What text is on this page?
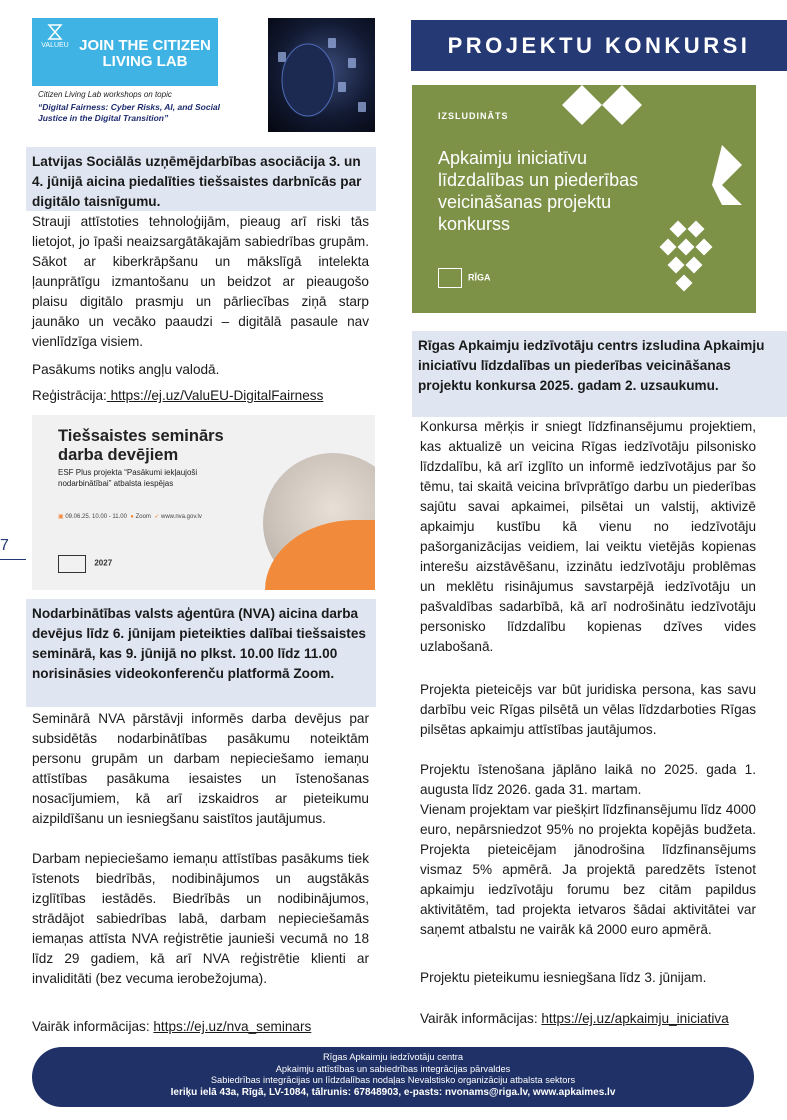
VALUEU JOIN THE CITIZEN LIVING LAB
Citizen Living Lab workshops on topic
“Digital Fairness: Cyber Risks, AI, and Social Justice in the Digital Transition”
Latvijas Sociālās uzņēmējdarbības asociācija 3. un 4. jūnijā aicina piedalīties tiešsaistes darbnīcās par digitālo taisnīgumu.

Strauji attīstoties tehnoloģijām, pieaug arī riski tās lietojot, jo īpaši neaizsargātākajām sabiedrības grupām. Sākot ar kiberkrāpšanu un mākslīgā intelekta ļaunprātīgu izmantošanu un beidzot ar pieaugošo plaisu digitālo prasmju un pārliecības ziņā starp jaunāko un vecāko paaudzi – digitālā pasaule nav vienlīdzīga visiem.

Pasākums notiks angļu valodā.

Reģistrācija: https://ej.uz/ValuEU-DigitalFairness

Tiešsaistes seminārs darba devējiem
ESF Plus projekta “Pasākumi iekļaujoši nodarbinātībai” atbalsta iespējas
▣ 09.06.25. 10.00 - 11.00 ● Zoom ➶ www.nva.gov.lv
2027
7
Nodarbinātības valsts aģentūra (NVA) aicina darba devējus līdz 6. jūnijam pieteikties dalībai tiešsaistes seminārā, kas 9. jūnijā no plkst. 10.00 līdz 11.00 norisināsies videokonferenču platformā Zoom.

Seminārā NVA pārstāvji informēs darba devējus par subsidētās nodarbinātības pasākumu noteiktām personu grupām un darbam nepieciešamo iemaņu attīstības pasākuma iesaistes un īstenošanas nosacījumiem, kā arī izskaidros ar pieteikumu aizpildīšanu un iesniegšanu saistītos jautājumus.

Darbam nepieciešamo iemaņu attīstības pasākums tiek īstenots biedrībās, nodibinājumos un augstākās izglītības iestādēs. Biedrībās un nodibinājumos, strādājot sabiedrības labā, darbam nepieciešamās iemaņas attīsta NVA reģistrētie jaunieši vecumā no 18 līdz 29 gadiem, kā arī NVA reģistrētie klienti ar invaliditāti (bez vecuma ierobežojuma).

Vairāk informācijas: https://ej.uz/nva_seminars

PROJEKTU KONKURSI
IZSLUDINĀTS
Apkaimju iniciatīvu līdzdalības un piederības veicināšanas projektu konkurss
RĪGA
Rīgas Apkaimju iedzīvotāju centrs izsludina Apkaimju iniciatīvu līdzdalības un piederības veicināšanas projektu konkursa 2025. gadam 2. uzsaukumu.

Konkursa mērķis ir sniegt līdzfinansējumu projektiem, kas aktualizē un veicina Rīgas iedzīvotāju pilsonisko līdzdalību, kā arī izglīto un informē iedzīvotājus par šo tēmu, tai skaitā veicina brīvprātīgo darbu un piederības sajūtu savai apkaimei, pilsētai un valstij, aktivizē apkaimju kustību kā vienu no iedzīvotāju pašorganizācijas veidiem, lai veiktu vietējās kopienas interešu aizstāvēšanu, izzinātu iedzīvotāju problēmas un meklētu risinājumus savstarpējā iedzīvotāju un pašvaldības sadarbībā, kā arī nodrošinātu iedzīvotāju personisko līdzdalību kopienas dzīves vides uzlabošanā.

Projekta pieteicējs var būt juridiska persona, kas savu darbību veic Rīgas pilsētā un vēlas līdzdarboties Rīgas pilsētas apkaimju attīstības jautājumos.

Projektu īstenošana jāplāno laikā no 2025. gada 1. augusta līdz 2026. gada 31. martam.

Vienam projektam var piešķirt līdzfinansējumu līdz 4000 euro, nepārsniedzot 95% no projekta kopējās budžeta. Projekta pieteicējam jānodrošina līdzfinansējums vismaz 5% apmērā. Ja projektā paredzēts īstenot apkaimju iedzīvotāju forumu bez citām papildus aktivitātēm, tad projekta ietvaros šādai aktivitātei var saņemt atbalstu ne vairāk kā 2000 euro apmērā.

Projektu pieteikumu iesniegšana līdz 3. jūnijam.

Vairāk informācijas: https://ej.uz/apkaimju_iniciativa

Rīgas Apkaimju iedzīvotāju centra
Apkaimju attīstības un sabiedrības integrācijas pārvaldes
Sabiedrības integrācijas un līdzdalības nodaļas Nevalstisko organizāciju atbalsta sektors
Ieriķu ielā 43a, Rīgā, LV-1084, tālrunis: 67848903, e-pasts: nvonams@riga.lv, www.apkaimes.lv
